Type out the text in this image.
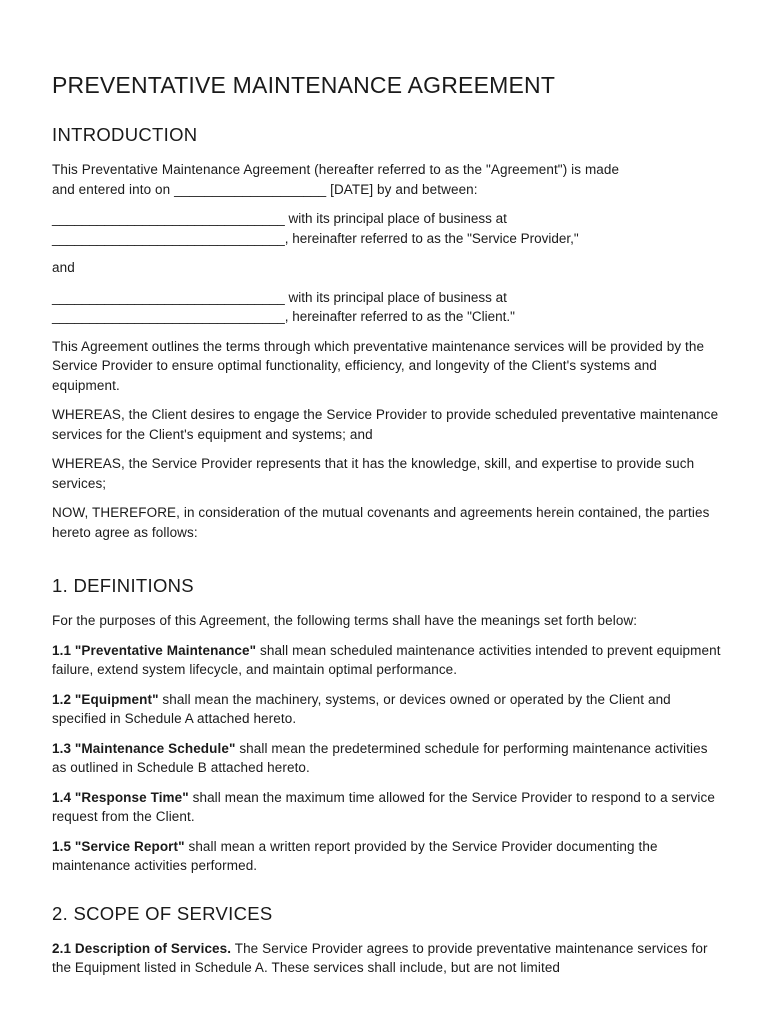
PREVENTATIVE MAINTENANCE AGREEMENT
INTRODUCTION

This Preventative Maintenance Agreement (hereafter referred to as the "Agreement") is made
and entered into on ____________________ [DATE] by and between:

_______________________________ with its principal place of business at
_______________________________, hereinafter referred to as the "Service Provider,"

and

_______________________________ with its principal place of business at
_______________________________, hereinafter referred to as the "Client."

This Agreement outlines the terms through which preventative maintenance services will be provided by the Service Provider to ensure optimal functionality, efficiency, and longevity of the Client's systems and equipment.

WHEREAS, the Client desires to engage the Service Provider to provide scheduled preventative maintenance services for the Client's equipment and systems; and

WHEREAS, the Service Provider represents that it has the knowledge, skill, and expertise to provide such services;

NOW, THEREFORE, in consideration of the mutual covenants and agreements herein contained, the parties hereto agree as follows:

1. DEFINITIONS

For the purposes of this Agreement, the following terms shall have the meanings set forth below:

1.1 "Preventative Maintenance" shall mean scheduled maintenance activities intended to prevent equipment failure, extend system lifecycle, and maintain optimal performance.

1.2 "Equipment" shall mean the machinery, systems, or devices owned or operated by the Client and specified in Schedule A attached hereto.

1.3 "Maintenance Schedule" shall mean the predetermined schedule for performing maintenance activities as outlined in Schedule B attached hereto.

1.4 "Response Time" shall mean the maximum time allowed for the Service Provider to respond to a service request from the Client.

1.5 "Service Report" shall mean a written report provided by the Service Provider documenting the maintenance activities performed.

2. SCOPE OF SERVICES

2.1 Description of Services. The Service Provider agrees to provide preventative maintenance services for the Equipment listed in Schedule A. These services shall include, but are not limited
